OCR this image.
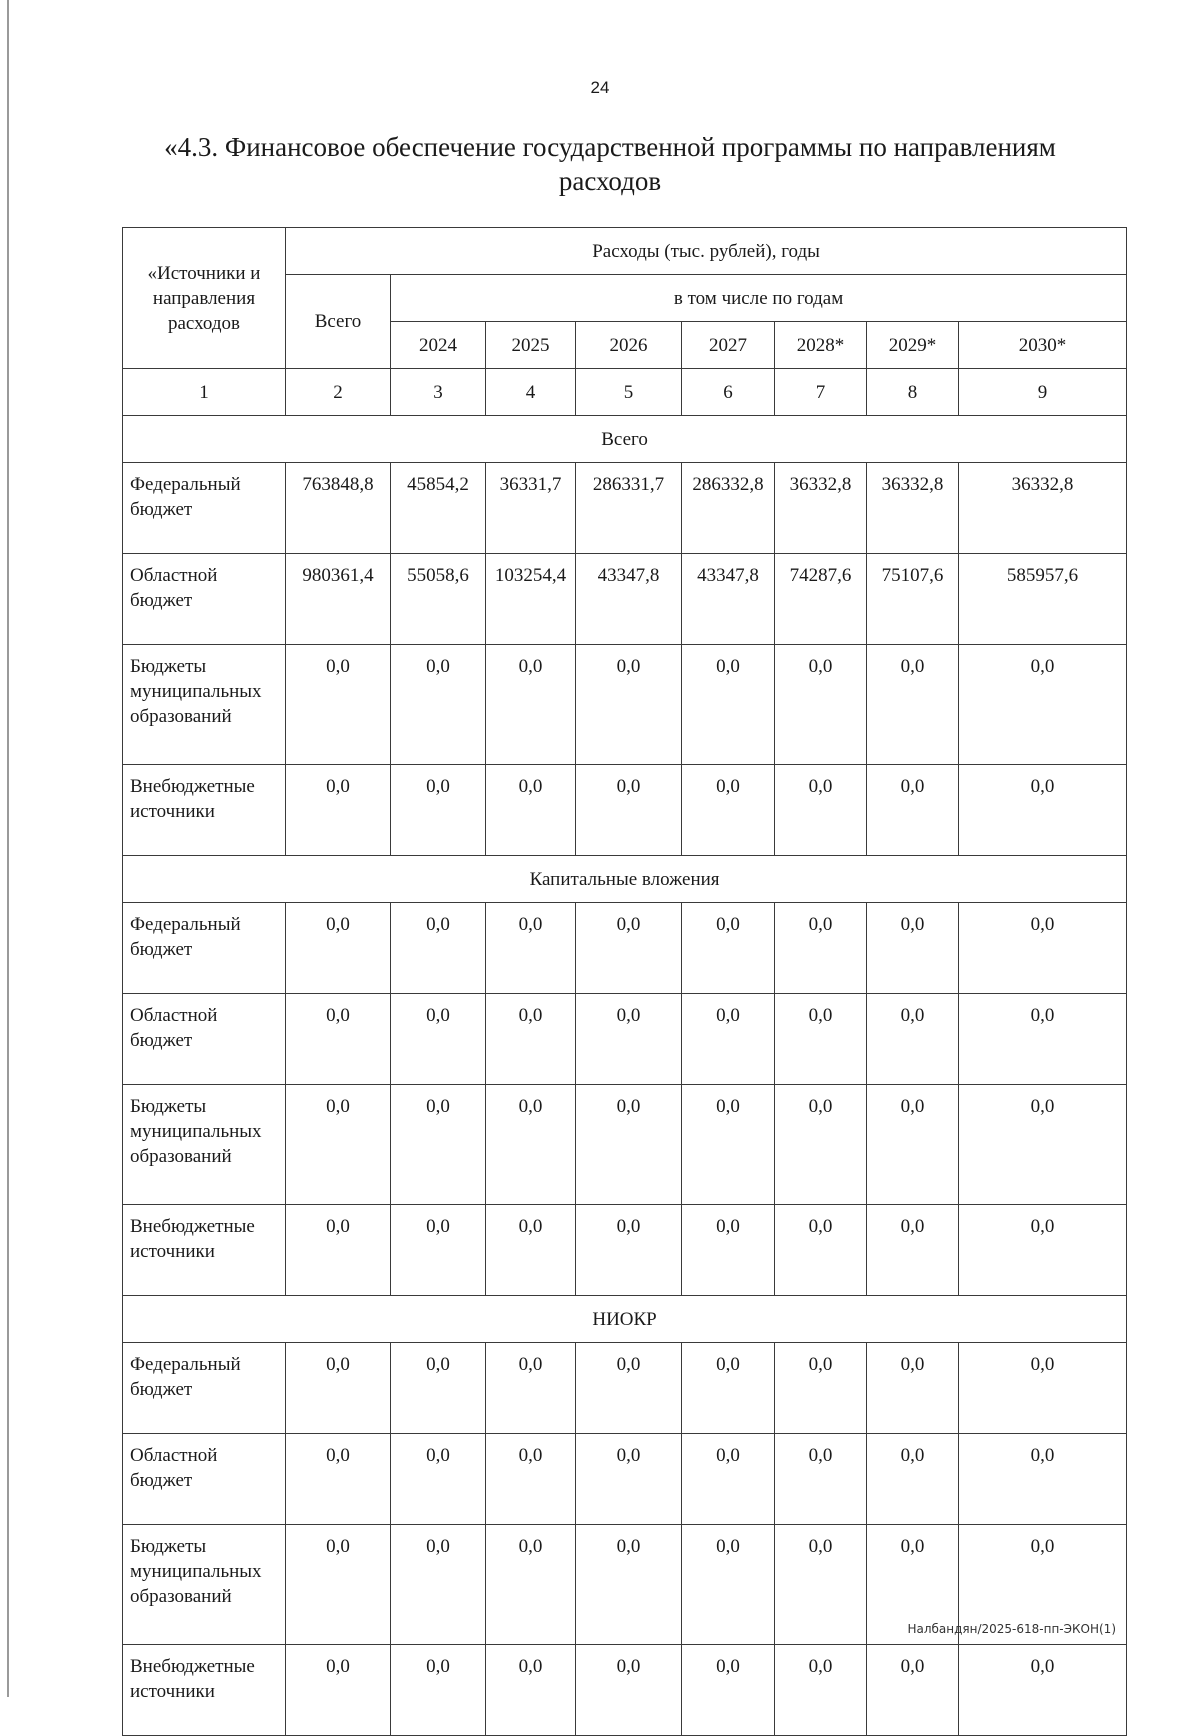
24
«4.3. Финансовое обеспечение государственной программы по направлениям
расходов
«Источники и направления расходов	Расходы (тыс. рублей), годы							
	Всего	в том числе по годам						
		2024	2025	2026	2027	2028*	2029*	2030*
1	2	3	4	5	6	7	8	9
Всего								
Федеральный бюджет	763848,8	45854,2	36331,7	286331,7	286332,8	36332,8	36332,8	36332,8
Областной бюджет	980361,4	55058,6	103254,4	43347,8	43347,8	74287,6	75107,6	585957,6
Бюджеты муниципальных образований	0,0	0,0	0,0	0,0	0,0	0,0	0,0	0,0
Внебюджетные источники	0,0	0,0	0,0	0,0	0,0	0,0	0,0	0,0
Капитальные вложения								
Федеральный бюджет	0,0	0,0	0,0	0,0	0,0	0,0	0,0	0,0
Областной бюджет	0,0	0,0	0,0	0,0	0,0	0,0	0,0	0,0
Бюджеты муниципальных образований	0,0	0,0	0,0	0,0	0,0	0,0	0,0	0,0
Внебюджетные источники	0,0	0,0	0,0	0,0	0,0	0,0	0,0	0,0
НИОКР								
Федеральный бюджет	0,0	0,0	0,0	0,0	0,0	0,0	0,0	0,0
Областной бюджет	0,0	0,0	0,0	0,0	0,0	0,0	0,0	0,0
Бюджеты муниципальных образований	0,0	0,0	0,0	0,0	0,0	0,0	0,0	0,0
Внебюджетные источники	0,0	0,0	0,0	0,0	0,0	0,0	0,0	0,0
Налбандян/2025-618-пп-ЭКОН(1)
